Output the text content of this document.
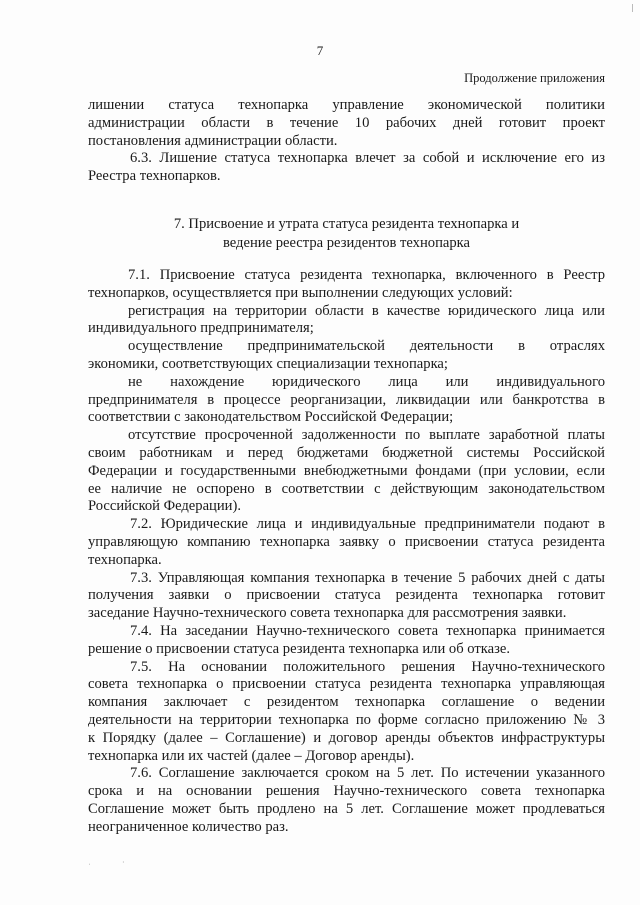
7
Продолжение приложения
лишении статуса технопарка управление экономической политики
администрации области в течение 10 рабочих дней готовит проект
постановления администрации области.
6.3. Лишение статуса технопарка влечет за собой и исключение его из
Реестра технопарков.
7. Присвоение и утрата статуса резидента технопарка и
ведение реестра резидентов технопарка
7.1. Присвоение статуса резидента технопарка, включенного в Реестр
технопарков, осуществляется при выполнении следующих условий:
регистрация на территории области в качестве юридического лица или
индивидуального предпринимателя;
осуществление предпринимательской деятельности в отраслях
экономики, соответствующих специализации технопарка;
не нахождение юридического лица или индивидуального
предпринимателя в процессе реорганизации, ликвидации или банкротства в
соответствии с законодательством Российской Федерации;
отсутствие просроченной задолженности по выплате заработной платы
своим работникам и перед бюджетами бюджетной системы Российской
Федерации и государственными внебюджетными фондами (при условии, если
ее наличие не оспорено в соответствии с действующим законодательством
Российской Федерации).
7.2. Юридические лица и индивидуальные предприниматели подают в
управляющую компанию технопарка заявку о присвоении статуса резидента
технопарка.
7.3. Управляющая компания технопарка в течение 5 рабочих дней с даты
получения заявки о присвоении статуса резидента технопарка готовит
заседание Научно-технического совета технопарка для рассмотрения заявки.
7.4. На заседании Научно-технического совета технопарка принимается
решение о присвоении статуса резидента технопарка или об отказе.
7.5. На основании положительного решения Научно-технического
совета технопарка о присвоении статуса резидента технопарка управляющая
компания заключает с резидентом технопарка соглашение о ведении
деятельности на территории технопарка по форме согласно приложению № 3
к Порядку (далее – Соглашение) и договор аренды объектов инфраструктуры
технопарка или их частей (далее – Договор аренды).
7.6. Соглашение заключается сроком на 5 лет. По истечении указанного
срока и на основании решения Научно-технического совета технопарка
Соглашение может быть продлено на 5 лет. Соглашение может продлеваться
неограниченное количество раз.
ˌ	·
